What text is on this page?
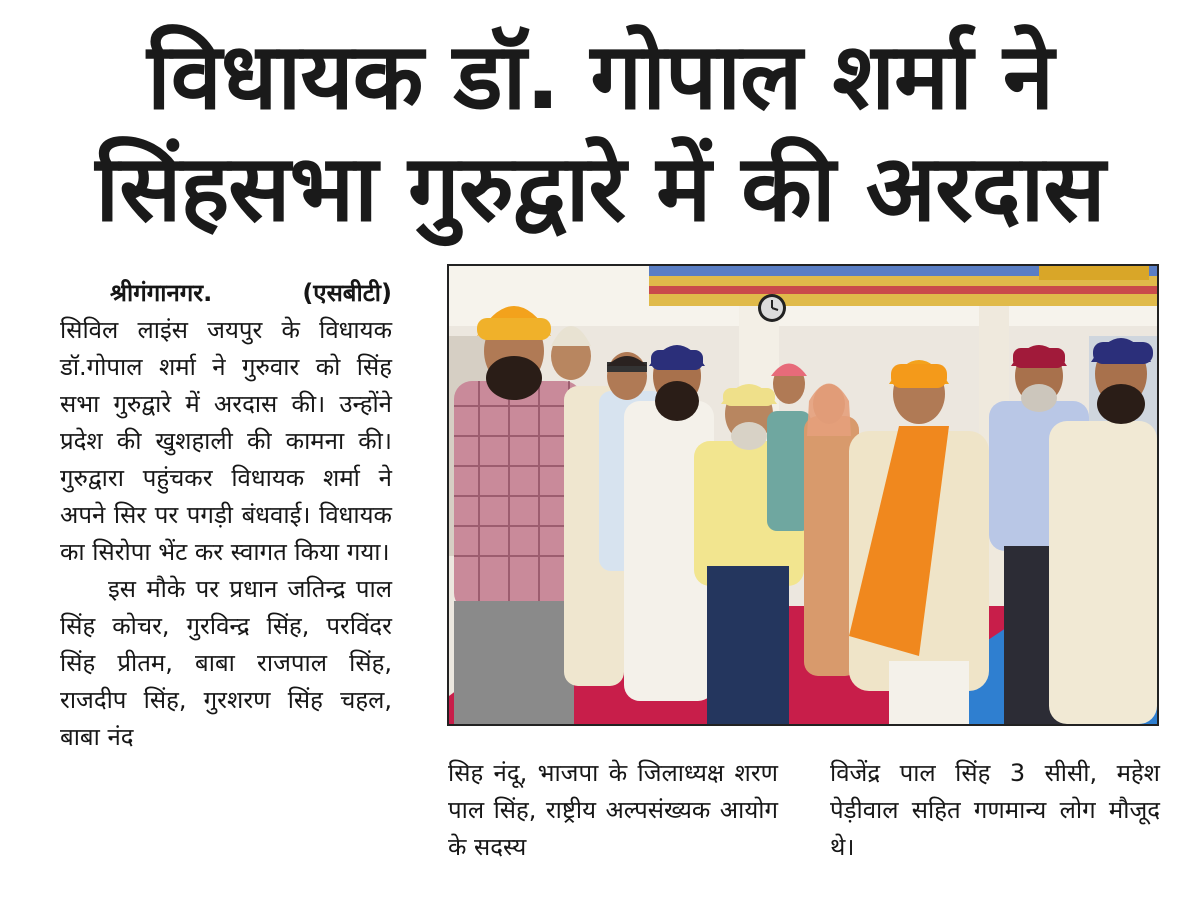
विधायक डॉ. गोपाल शर्मा ने
सिंहसभा गुरुद्वारे में की अरदास
श्रीगंगानगर.	(एसबीटी)

सिविल लाइंस जयपुर के विधायक डॉ.गोपाल शर्मा ने गुरुवार को सिंह सभा गुरुद्वारे में अरदास की। उन्होंने प्रदेश की खुशहाली की कामना की। गुरुद्वारा पहुंचकर विधायक शर्मा ने अपने सिर पर पगड़ी बंधवाई। विधायक का सिरोपा भेंट कर स्वागत किया गया।

इस मौके पर प्रधान जतिन्द्र पाल सिंह कोचर, गुरविन्द्र सिंह, परविंदर सिंह प्रीतम, बाबा राजपाल सिंह, राजदीप सिंह, गुरशरण सिंह चहल, बाबा नंद

सिह नंदू, भाजपा के जिलाध्यक्ष शरण पाल सिंह, राष्ट्रीय अल्पसंख्यक आयोग के सदस्य
विजेंद्र पाल सिंह 3 सीसी, महेश पेड़ीवाल सहित गणमान्य लोग मौजूद थे।
